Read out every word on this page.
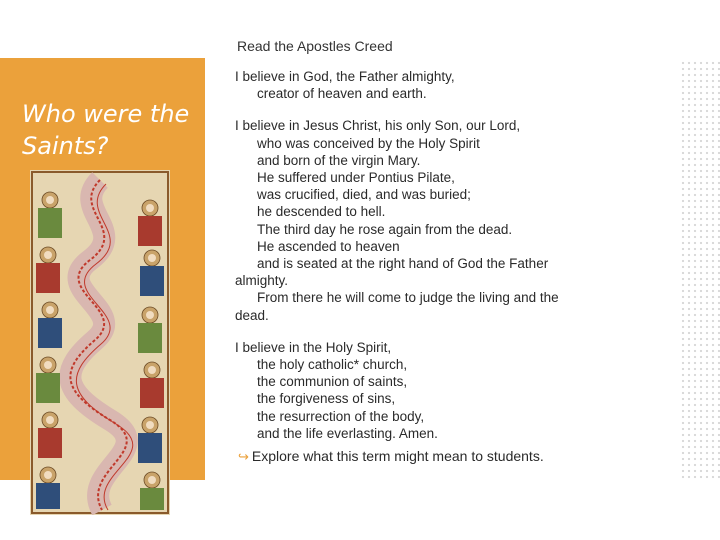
Who were the Saints?

Read the Apostles Creed

I believe in God, the Father almighty,
creator of heaven and earth.

I believe in Jesus Christ, his only Son, our Lord,
who was conceived by the Holy Spirit
and born of the virgin Mary.
He suffered under Pontius Pilate,
was crucified, died, and was buried;
he descended to hell.
The third day he rose again from the dead.
He ascended to heaven
and is seated at the right hand of God the Father
almighty.
From there he will come to judge the living and the
dead.

I believe in the Holy Spirit,
the holy catholic* church,
the communion of saints,
the forgiveness of sins,
the resurrection of the body,
and the life everlasting. Amen.

↪ Explore what this term might mean to students.
